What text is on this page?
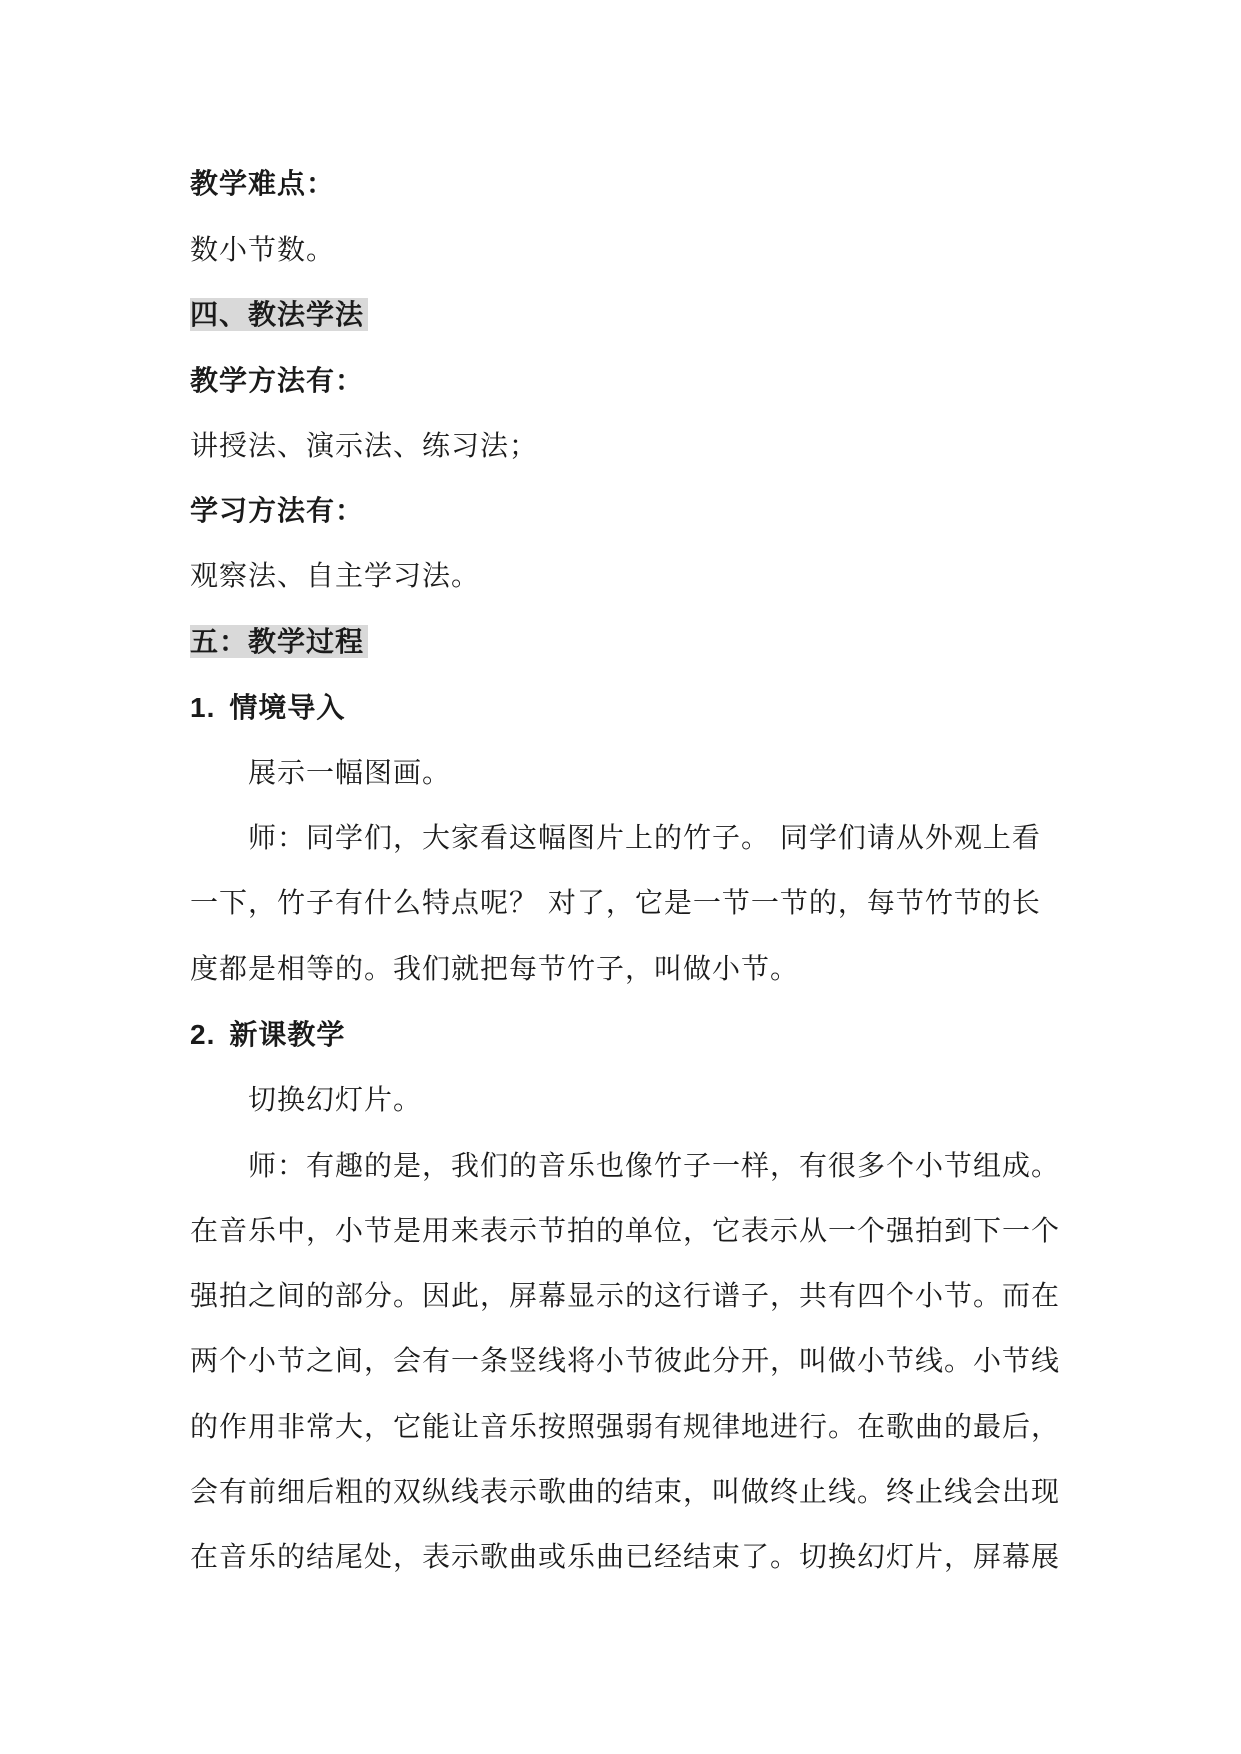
教学难点：
数小节数。
四、教法学法
教学方法有：
讲授法、演示法、练习法；
学习方法有：
观察法、自主学习法。
五：教学过程
1. 情境导入
展示一幅图画。
师：同学们，大家看这幅图片上的竹子。 同学们请从外观上看
一下，竹子有什么特点呢？ 对了，它是一节一节的，每节竹节的长
度都是相等的。我们就把每节竹子，叫做小节。
2. 新课教学
切换幻灯片。
师：有趣的是，我们的音乐也像竹子一样，有很多个小节组成。
在音乐中，小节是用来表示节拍的单位，它表示从一个强拍到下一个
强拍之间的部分。因此，屏幕显示的这行谱子，共有四个小节。而在
两个小节之间，会有一条竖线将小节彼此分开，叫做小节线。小节线
的作用非常大，它能让音乐按照强弱有规律地进行。在歌曲的最后，
会有前细后粗的双纵线表示歌曲的结束，叫做终止线。终止线会出现
在音乐的结尾处，表示歌曲或乐曲已经结束了。切换幻灯片，屏幕展
